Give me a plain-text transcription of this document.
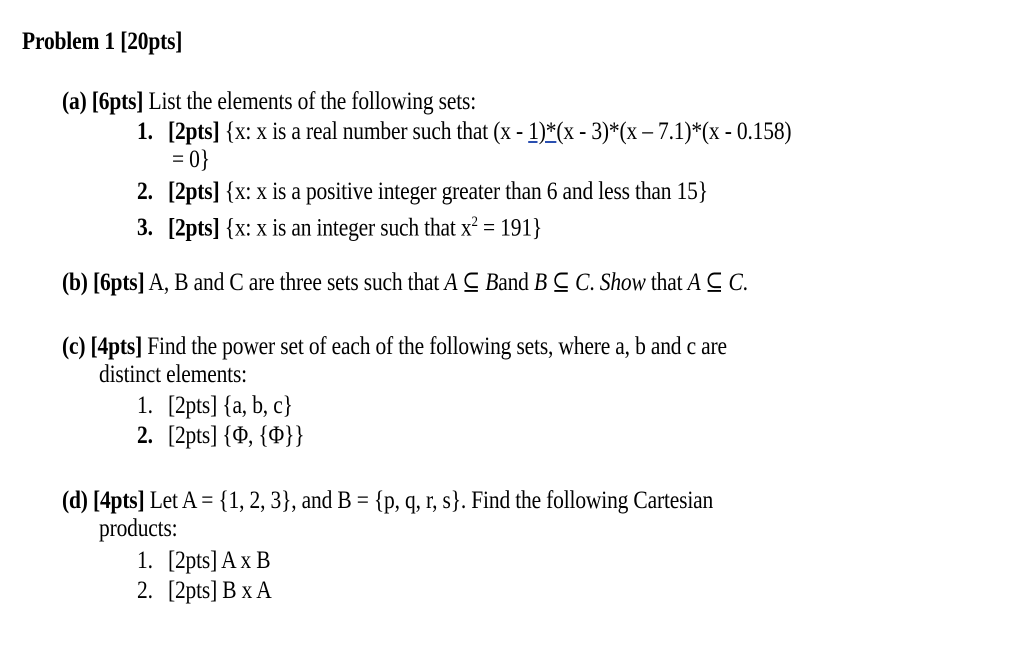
Problem 1 [20pts]
(a) [6pts] List the elements of the following sets:
1. [2pts] {x: x is a real number such that (x - 1)*(x - 3)*(x – 7.1)*(x - 0.158)
= 0}
2. [2pts] {x: x is a positive integer greater than 6 and less than 15}
3. [2pts] {x: x is an integer such that $x^2 = 191$}
(b) [6pts] A, B and C are three sets such that A ⊆ Band B ⊆ C. Show that A ⊆ C.
(c) [4pts] Find the power set of each of the following sets, where a, b and c are
distinct elements:
1. [2pts] {a, b, c}
2. [2pts] {Φ, {Φ}}
(d) [4pts] Let A = {1, 2, 3}, and B = {p, q, r, s}. Find the following Cartesian
products:
1. [2pts] A x B
2. [2pts] B x A
